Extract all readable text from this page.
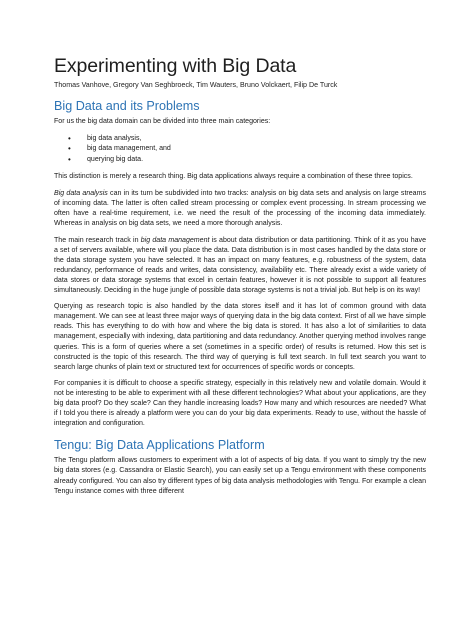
Experimenting with Big Data
Thomas Vanhove, Gregory Van Seghbroeck, Tim Wauters, Bruno Volckaert, Filip De Turck
Big Data and its Problems

For us the big data domain can be divided into three main categories:

• big data analysis,
• big data management, and
• querying big data.

This distinction is merely a research thing. Big data applications always require a combination of these three topics.

Big data analysis can in its turn be subdivided into two tracks: analysis on big data sets and analysis on large streams of incoming data. The latter is often called stream processing or complex event processing. In stream processing we often have a real-time requirement, i.e. we need the result of the processing of the incoming data immediately. Whereas in analysis on big data sets, we need a more thorough analysis.

The main research track in big data management is about data distribution or data partitioning. Think of it as you have a set of servers available, where will you place the data. Data distribution is in most cases handled by the data store or the data storage system you have selected. It has an impact on many features, e.g. robustness of the system, data redundancy, performance of reads and writes, data consistency, availability etc. There already exist a wide variety of data stores or data storage systems that excel in certain features, however it is not possible to support all features simultaneously. Deciding in the huge jungle of possible data storage systems is not a trivial job. But help is on its way!

Querying as research topic is also handled by the data stores itself and it has lot of common ground with data management. We can see at least three major ways of querying data in the big data context. First of all we have simple reads. This has everything to do with how and where the big data is stored. It has also a lot of similarities to data management, especially with indexing, data partitioning and data redundancy. Another querying method involves range queries. This is a form of queries where a set (sometimes in a specific order) of results is returned. How this set is constructed is the topic of this research. The third way of querying is full text search. In full text search you want to search large chunks of plain text or structured text for occurrences of specific words or concepts.

For companies it is difficult to choose a specific strategy, especially in this relatively new and volatile domain. Would it not be interesting to be able to experiment with all these different technologies? What about your applications, are they big data proof? Do they scale? Can they handle increasing loads? How many and which resources are needed? What if I told you there is already a platform were you can do your big data experiments. Ready to use, without the hassle of integration and configuration.

Tengu: Big Data Applications Platform

The Tengu platform allows customers to experiment with a lot of aspects of big data. If you want to simply try the new big data stores (e.g. Cassandra or Elastic Search), you can easily set up a Tengu environment with these components already configured. You can also try different types of big data analysis methodologies with Tengu. For example a clean Tengu instance comes with three different
